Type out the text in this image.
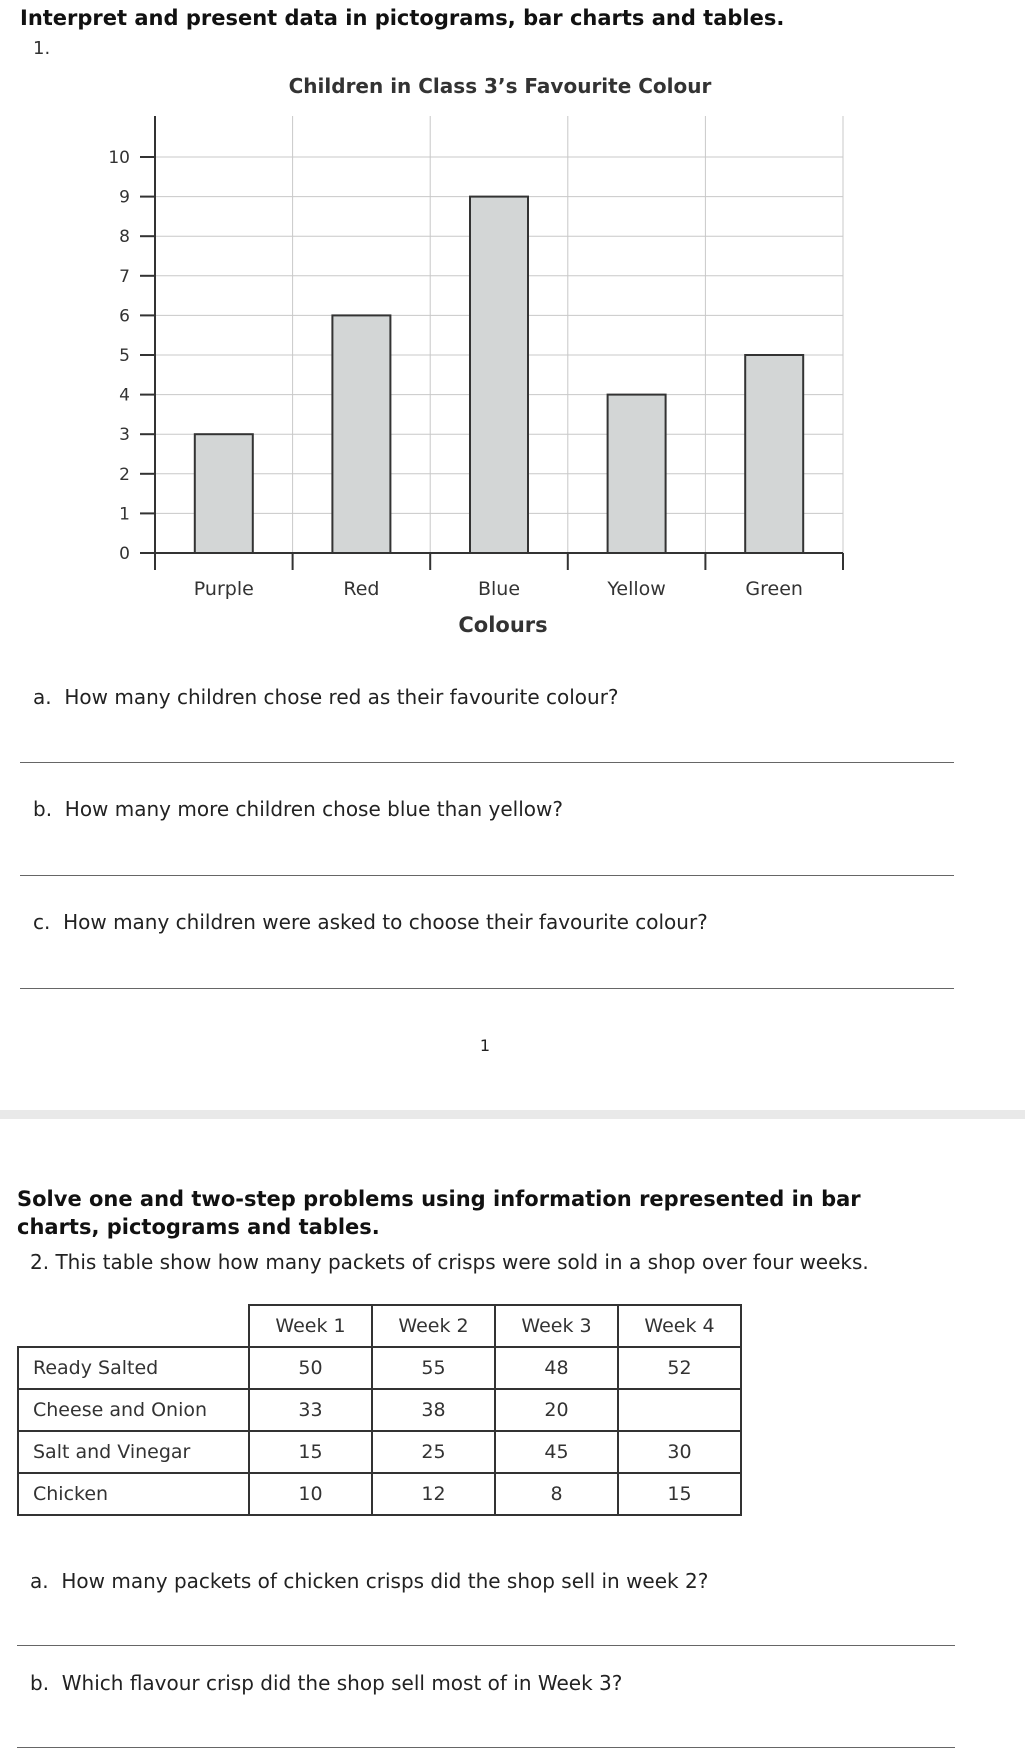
Interpret and present data in pictograms, bar charts and tables.
1.
Children in Class 3’s Favourite Colour
0
1
2
3
4
5
6
7
8
9
10
Purple	Red	Blue	Yellow	Green
Colours
a. How many children chose red as their favourite colour?
b. How many more children chose blue than yellow?
c. How many children were asked to choose their favourite colour?
1
Solve one and two-step problems using information represented in bar charts, pictograms and tables.
2. This table show how many packets of crisps were sold in a shop over four weeks.
	Week 1	Week 2	Week 3	Week 4
Ready Salted	50	55	48	52
Cheese and Onion	33	38	20	
Salt and Vinegar	15	25	45	30
Chicken	10	12	8	15
a. How many packets of chicken crisps did the shop sell in week 2?
b. Which flavour crisp did the shop sell most of in Week 3?
